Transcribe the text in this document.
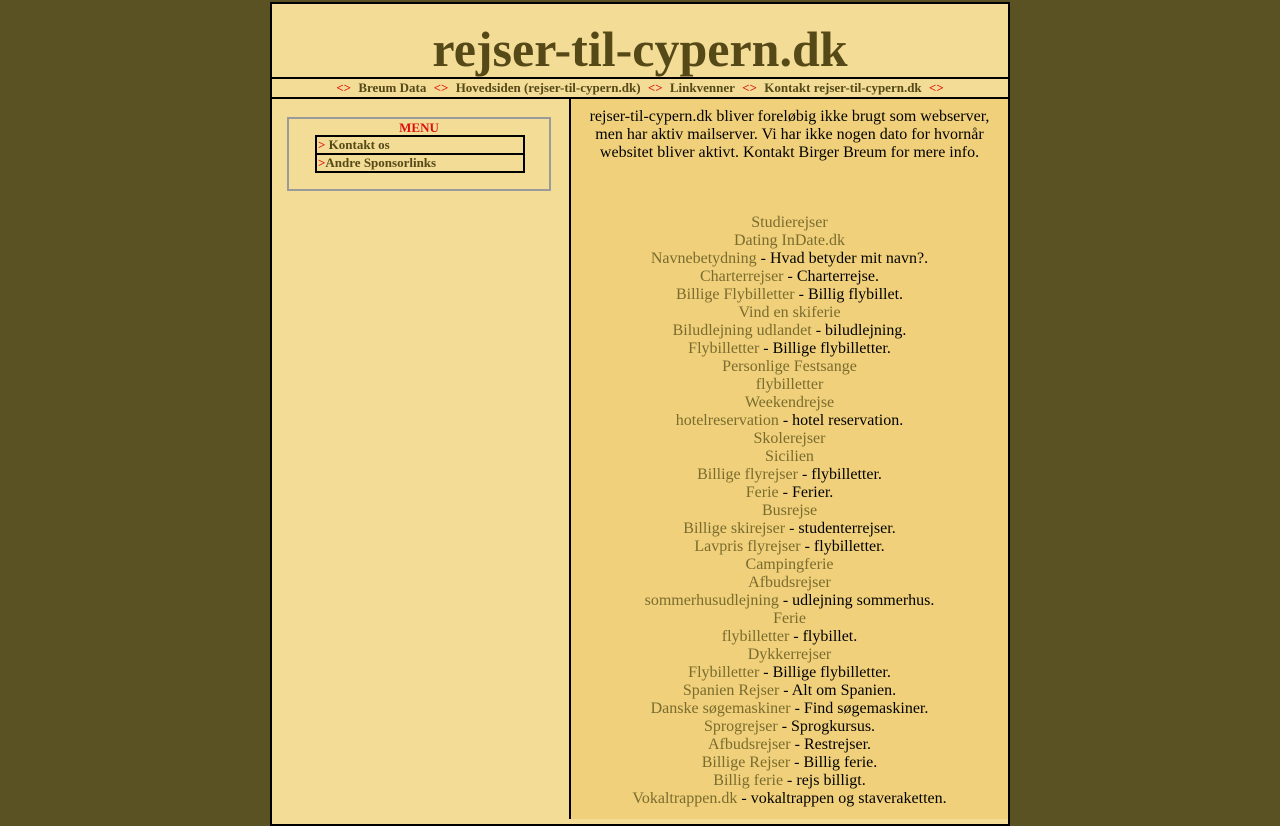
rejser-til-cypern.dk
<> Breum Data <> Hovedsiden (rejser-til-cypern.dk) <> Linkvenner <> Kontakt rejser-til-cypern.dk <>
MENU
> Kontakt os
>Andre Sponsorlinks
rejser-til-cypern.dk bliver foreløbig ikke brugt som webserver, men har aktiv mailserver. Vi har ikke nogen dato for hvornår websitet bliver aktivt. Kontakt Birger Breum for mere info.
Studierejser
Dating InDate.dk
Navnebetydning - Hvad betyder mit navn?.
Charterrejser - Charterrejse.
Billige Flybilletter - Billig flybillet.
Vind en skiferie
Biludlejning udlandet - biludlejning.
Flybilletter - Billige flybilletter.
Personlige Festsange
flybilletter
Weekendrejse
hotelreservation - hotel reservation.
Skolerejser
Sicilien
Billige flyrejser - flybilletter.
Ferie - Ferier.
Busrejse
Billige skirejser - studenterrejser.
Lavpris flyrejser - flybilletter.
Campingferie
Afbudsrejser
sommerhusudlejning - udlejning sommerhus.
Ferie
flybilletter - flybillet.
Dykkerrejser
Flybilletter - Billige flybilletter.
Spanien Rejser - Alt om Spanien.
Danske søgemaskiner - Find søgemaskiner.
Sprogrejser - Sprogkursus.
Afbudsrejser - Restrejser.
Billige Rejser - Billig ferie.
Billig ferie - rejs billigt.
Vokaltrappen.dk - vokaltrappen og staveraketten.
